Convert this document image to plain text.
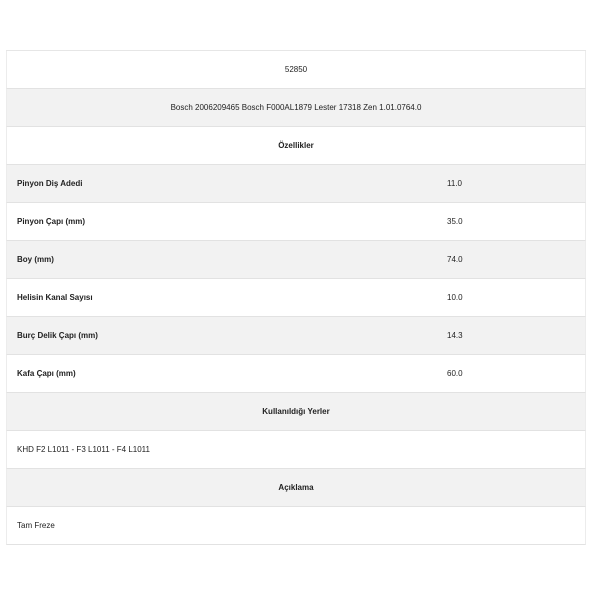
52850
Bosch 2006209465 Bosch F000AL1879 Lester 17318 Zen 1.01.0764.0
Özellikler
Pinyon Diş Adedi	11.0
Pinyon Çapı (mm)	35.0
Boy (mm)	74.0
Helisin Kanal Sayısı	10.0
Burç Delik Çapı (mm)	14.3
Kafa Çapı (mm)	60.0
Kullanıldığı Yerler
KHD F2 L1011 - F3 L1011 - F4 L1011
Açıklama
Tam Freze
